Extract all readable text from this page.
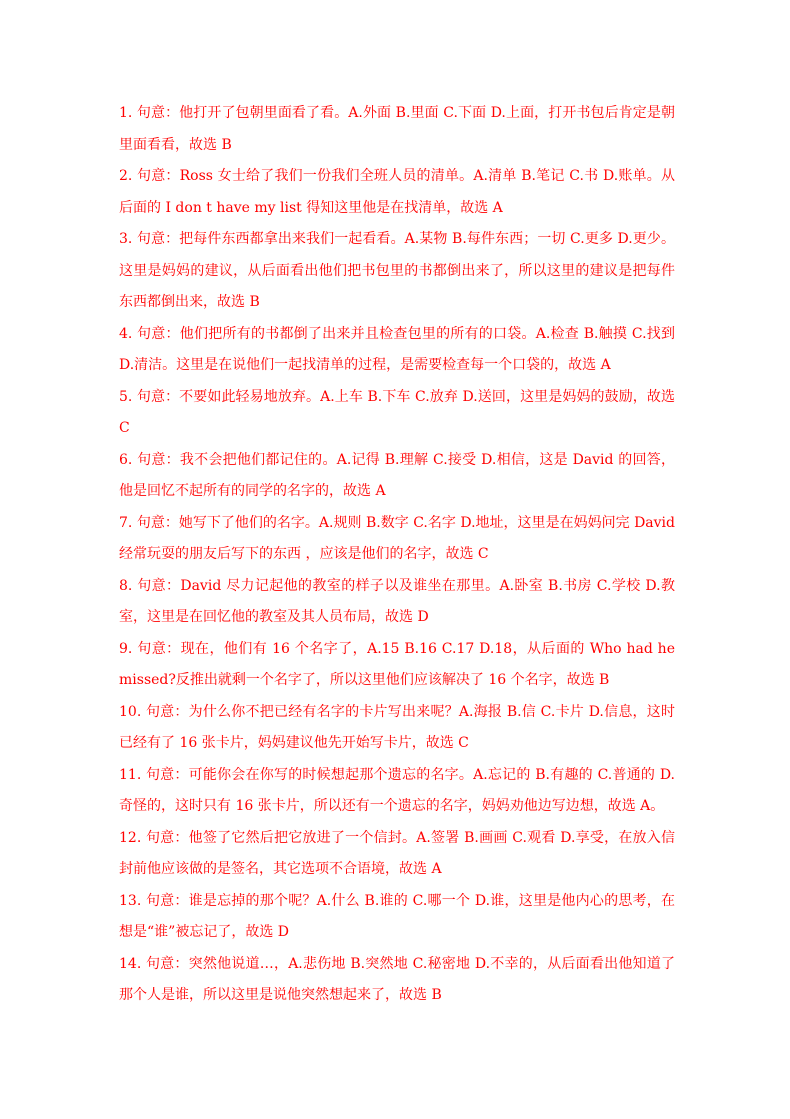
1. 句意：他打开了包朝里面看了看。A.外面 B.里面 C.下面 D.上面，打开书包后肯定是朝里面看看，故选 B

2. 句意：Ross 女士给了我们一份我们全班人员的清单。A.清单 B.笔记 C.书 D.账单。从后面的 I don t have my list 得知这里他是在找清单，故选 A

3. 句意：把每件东西都拿出来我们一起看看。A.某物 B.每件东西；一切 C.更多 D.更少。这里是妈妈的建议，从后面看出他们把书包里的书都倒出来了，所以这里的建议是把每件东西都倒出来，故选 B

4. 句意：他们把所有的书都倒了出来并且检查包里的所有的口袋。A.检查 B.触摸 C.找到 D.清洁。这里是在说他们一起找清单的过程，是需要检查每一个口袋的，故选 A

5. 句意：不要如此轻易地放弃。A.上车 B.下车 C.放弃 D.送回，这里是妈妈的鼓励，故选 C

6. 句意：我不会把他们都记住的。A.记得 B.理解 C.接受 D.相信，这是 David 的回答，他是回忆不起所有的同学的名字的，故选 A

7. 句意：她写下了他们的名字。A.规则 B.数字 C.名字 D.地址，这里是在妈妈问完 David 经常玩耍的朋友后写下的东西 ，应该是他们的名字，故选 C

8. 句意：David 尽力记起他的教室的样子以及谁坐在那里。A.卧室 B.书房 C.学校 D.教室，这里是在回忆他的教室及其人员布局，故选 D

9. 句意：现在，他们有 16 个名字了，A.15 B.16 C.17 D.18，从后面的 Who had he missed?反推出就剩一个名字了，所以这里他们应该解决了 16 个名字，故选 B

10. 句意：为什么你不把已经有名字的卡片写出来呢？A.海报 B.信 C.卡片 D.信息，这时已经有了 16 张卡片，妈妈建议他先开始写卡片，故选 C

11. 句意：可能你会在你写的时候想起那个遗忘的名字。A.忘记的 B.有趣的 C.普通的 D.奇怪的，这时只有 16 张卡片，所以还有一个遗忘的名字，妈妈劝他边写边想，故选 A。

12. 句意：他签了它然后把它放进了一个信封。A.签署 B.画画 C.观看 D.享受，在放入信封前他应该做的是签名，其它选项不合语境，故选 A

13. 句意：谁是忘掉的那个呢？A.什么 B.谁的 C.哪一个 D.谁，这里是他内心的思考，在想是“谁”被忘记了，故选 D

14. 句意：突然他说道…，A.悲伤地 B.突然地 C.秘密地 D.不幸的，从后面看出他知道了那个人是谁，所以这里是说他突然想起来了，故选 B
